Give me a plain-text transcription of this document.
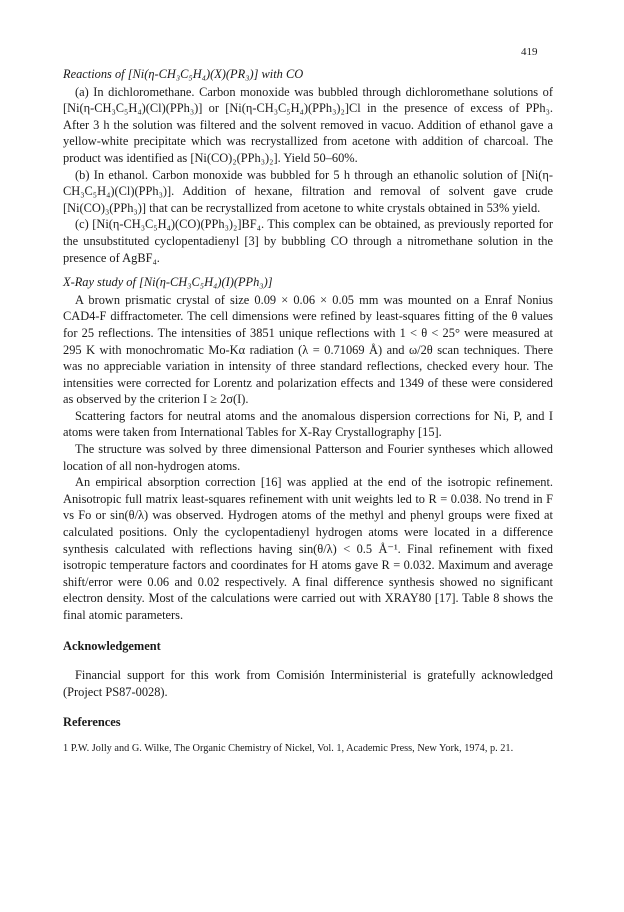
419

Reactions of [Ni(η-CH₃C₅H₄)(X)(PR₃)] with CO

(a) In dichloromethane. Carbon monoxide was bubbled through dichloromethane solutions of [Ni(η-CH₃C₅H₄)(Cl)(PPh₃)] or [Ni(η-CH₃C₅H₄)(PPh₃)₂]Cl in the presence of excess of PPh₃. After 3 h the solution was filtered and the solvent removed in vacuo. Addition of ethanol gave a yellow-white precipitate which was recrystallized from acetone with addition of charcoal. The product was identified as [Ni(CO)₂(PPh₃)₂]. Yield 50–60%.

(b) In ethanol. Carbon monoxide was bubbled for 5 h through an ethanolic solution of [Ni(η-CH₃C₅H₄)(Cl)(PPh₃)]. Addition of hexane, filtration and removal of solvent gave crude [Ni(CO)₃(PPh₃)] that can be recrystallized from acetone to white crystals obtained in 53% yield.

(c) [Ni(η-CH₃C₅H₄)(CO)(PPh₃)₂]BF₄. This complex can be obtained, as previously reported for the unsubstituted cyclopentadienyl [3] by bubbling CO through a nitromethane solution in the presence of AgBF₄.

X-Ray study of [Ni(η-CH₃C₅H₄)(I)(PPh₃)]

A brown prismatic crystal of size 0.09 × 0.06 × 0.05 mm was mounted on a Enraf Nonius CAD4-F diffractometer. The cell dimensions were refined by least-squares fitting of the θ values for 25 reflections. The intensities of 3851 unique reflections with 1 < θ < 25° were measured at 295 K with monochromatic Mo-Kα radiation (λ = 0.71069 Å) and ω/2θ scan techniques. There was no appreciable variation in intensity of three standard reflections, checked every hour. The intensities were corrected for Lorentz and polarization effects and 1349 of these were considered as observed by the criterion I ≥ 2σ(I).

Scattering factors for neutral atoms and the anomalous dispersion corrections for Ni, P, and I atoms were taken from International Tables for X-Ray Crystallography [15].

The structure was solved by three dimensional Patterson and Fourier syntheses which allowed location of all non-hydrogen atoms.

An empirical absorption correction [16] was applied at the end of the isotropic refinement. Anisotropic full matrix least-squares refinement with unit weights led to R = 0.038. No trend in F vs Fo or sin(θ/λ) was observed. Hydrogen atoms of the methyl and phenyl groups were fixed at calculated positions. Only the cyclopentadienyl hydrogen atoms were located in a difference synthesis calculated with reflections having sin(θ/λ) < 0.5 Å⁻¹. Final refinement with fixed isotropic temperature factors and coordinates for H atoms gave R = 0.032. Maximum and average shift/error were 0.06 and 0.02 respectively. A final difference synthesis showed no significant electron density. Most of the calculations were carried out with XRAY80 [17]. Table 8 shows the final atomic parameters.

Acknowledgement

Financial support for this work from Comisión Interministerial is gratefully acknowledged (Project PS87-0028).

References

1 P.W. Jolly and G. Wilke, The Organic Chemistry of Nickel, Vol. 1, Academic Press, New York, 1974, p. 21.
